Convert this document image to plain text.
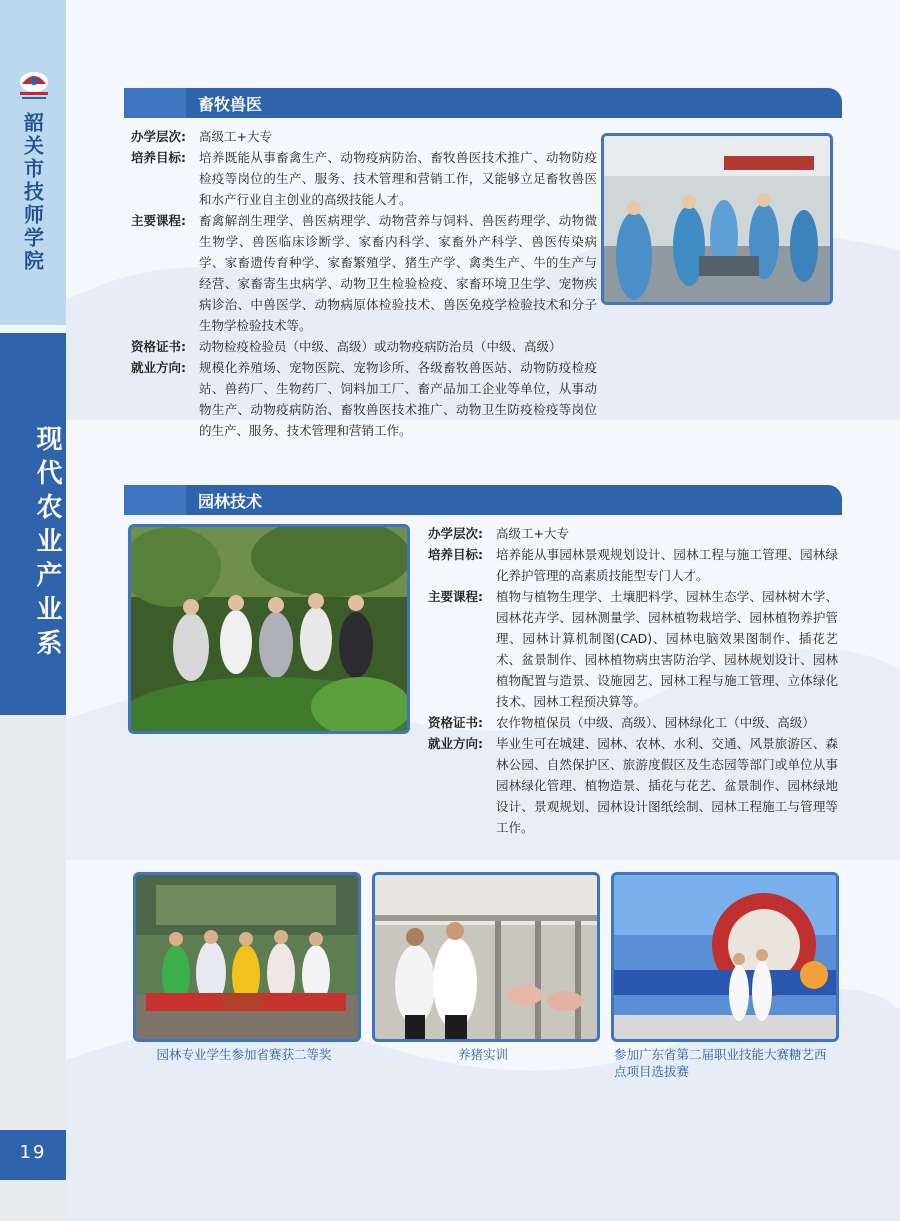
韶关市技师学院
现代农业产业系
19
畜牧兽医
办学层次:	高级工+大专
培养目标:	培养既能从事畜禽生产、动物疫病防治、畜牧兽医技术推广、动物防疫检疫等岗位的生产、服务、技术管理和营销工作，又能够立足畜牧兽医和水产行业自主创业的高级技能人才。
主要课程:	畜禽解剖生理学、兽医病理学、动物营养与饲料、兽医药理学、动物微生物学、兽医临床诊断学、家畜内科学、家畜外产科学、兽医传染病学、家畜遗传育种学、家畜繁殖学、猪生产学、禽类生产、牛的生产与经营、家畜寄生虫病学、动物卫生检验检疫、家畜环境卫生学、宠物疾病诊治、中兽医学、动物病原体检验技术、兽医免疫学检验技术和分子生物学检验技术等。
资格证书:	动物检疫检验员（中级、高级）或动物疫病防治员（中级、高级）
就业方向:	规模化养殖场、宠物医院、宠物诊所、各级畜牧兽医站、动物防疫检疫站、兽药厂、生物药厂、饲料加工厂、畜产品加工企业等单位，从事动物生产、动物疫病防治、畜牧兽医技术推广、动物卫生防疫检疫等岗位的生产、服务、技术管理和营销工作。
园林技术
办学层次:	高级工+大专
培养目标:	培养能从事园林景观规划设计、园林工程与施工管理、园林绿化养护管理的高素质技能型专门人才。
主要课程:	植物与植物生理学、土壤肥料学、园林生态学、园林树木学、园林花卉学、园林测量学、园林植物栽培学、园林植物养护管理、园林计算机制图(CAD)、园林电脑效果图制作、插花艺术、盆景制作、园林植物病虫害防治学、园林规划设计、园林植物配置与造景、设施园艺、园林工程与施工管理、立体绿化技术、园林工程预决算等。
资格证书:	农作物植保员（中级、高级）、园林绿化工（中级、高级）
就业方向:	毕业生可在城建、园林、农林、水利、交通、风景旅游区、森林公园、自然保护区、旅游度假区及生态园等部门或单位从事园林绿化管理、植物造景、插花与花艺、盆景制作、园林绿地设计、景观规划、园林设计图纸绘制、园林工程施工与管理等工作。
园林专业学生参加省赛获二等奖	养猪实训	参加广东省第二届职业技能大赛糖艺西点项目选拔赛
